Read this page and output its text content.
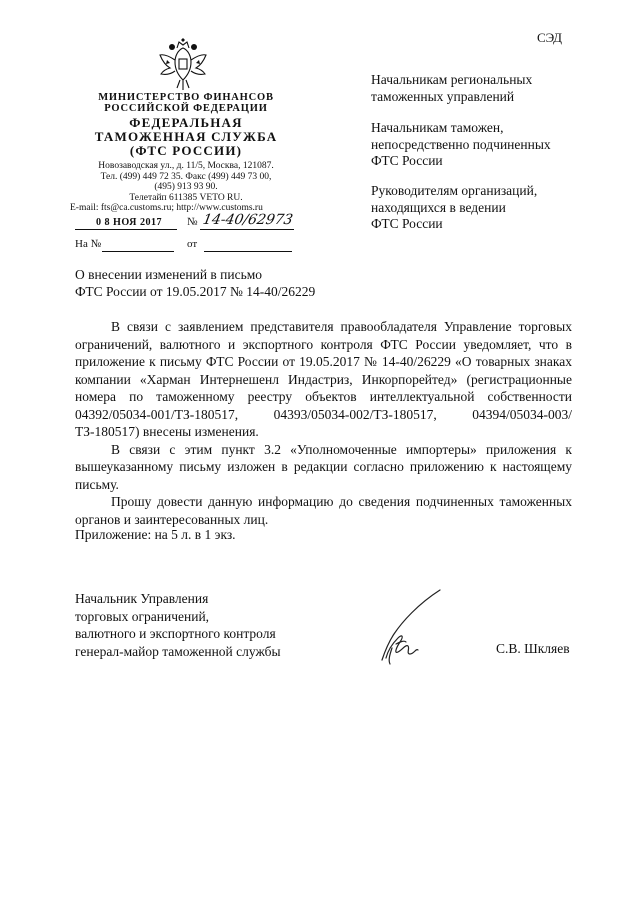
СЭД
МИНИСТЕРСТВО ФИНАНСОВ
РОССИЙСКОЙ ФЕДЕРАЦИИ
ФЕДЕРАЛЬНАЯ
ТАМОЖЕННАЯ СЛУЖБА
(ФТС РОССИИ)
Новозаводская ул., д. 11/5, Москва, 121087.
Тел. (499) 449 72 35. Факс (499) 449 73 00,
(495) 913 93 90.
Телетайп 611385 VETO RU.
E-mail: fts@ca.customs.ru; http://www.customs.ru
0 8 НОЯ 2017 № 14-40/62973
На №	от
Начальникам региональных
таможенных управлений
Начальникам таможен,
непосредственно подчиненных
ФТС России
Руководителям организаций,
находящихся в ведении
ФТС России
О внесении изменений в письмо
ФТС России от 19.05.2017 № 14-40/26229

В связи с заявлением представителя правообладателя Управление торговых ограничений, валютного и экспортного контроля ФТС России уведомляет, что в приложение к письму ФТС России от 19.05.2017 № 14-40/26229 «О товарных знаках компании «Харман Интернешенл Индастриз, Инкорпорейтед» (регистрационные номера по таможенному реестру объектов интеллектуальной собственности 04392/05034-001/ТЗ-180517, 04393/05034-002/ТЗ-180517, 04394/05034-003/ТЗ-180517) внесены изменения.

В связи с этим пункт 3.2 «Уполномоченные импортеры» приложения к вышеуказанному письму изложен в редакции согласно приложению к настоящему письму.

Прошу довести данную информацию до сведения подчиненных таможенных органов и заинтересованных лиц.

Приложение: на 5 л. в 1 экз.
Начальник Управления
торговых ограничений,
валютного и экспортного контроля
генерал-майор таможенной службы	С.В. Шкляев
